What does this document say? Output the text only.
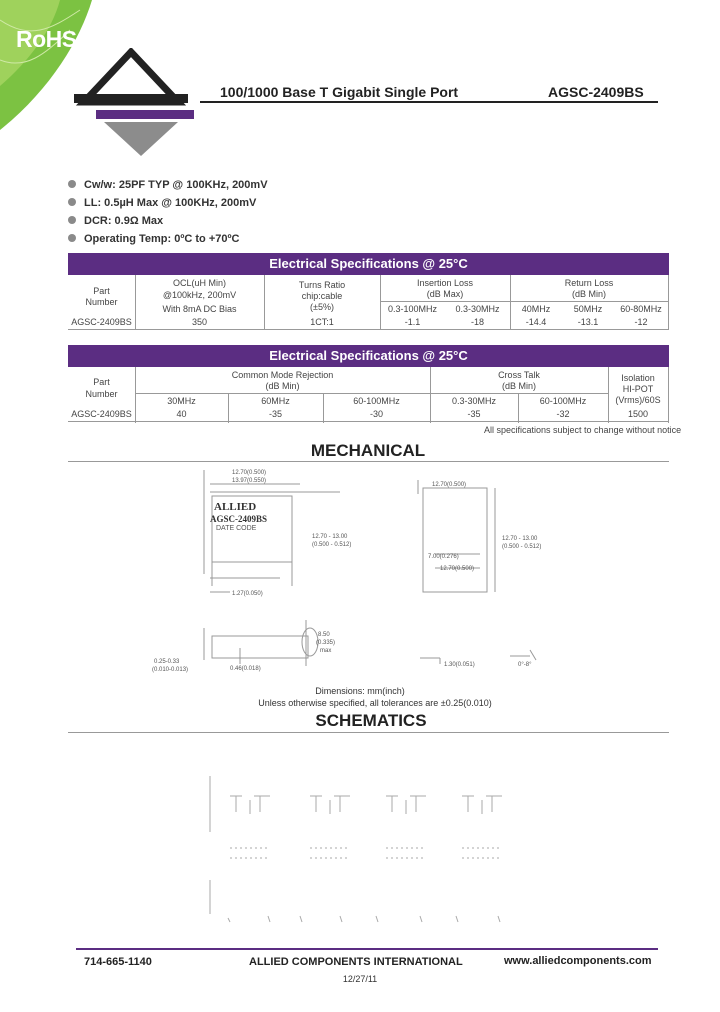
RoHS
100/1000 Base T Gigabit Single Port	AGSC-2409BS
Cw/w: 25PF TYP @ 100KHz, 200mV
LL: 0.5µH Max @ 100KHz, 200mV
DCR: 0.9Ω Max
Operating Temp: 0ºC to +70ºC
Electrical Specifications @ 25°C
Part
Number
OCL(uH Min)
@100kHz, 200mV
With 8mA DC Bias
Turns Ratio
chip:cable
(±5%)
Insertion Loss
(dB Max)
0.3-100MHz	0.3-30MHz
Return Loss
(dB Min)
40MHz	50MHz	60-80MHz
AGSC-2409BS	350	1CT:1	-1.1	-18	-14.4	-13.1	-12
Electrical Specifications @ 25°C
Part
Number
Common Mode Rejection
(dB Min)
30MHz	60MHz	60-100MHz
Cross Talk
(dB Min)
0.3-30MHz	60-100MHz
Isolation
HI-POT
(Vrms)/60S
AGSC-2409BS	40	-35	-30	-35	-32	1500
All specifications subject to change without notice
MECHANICAL
12.70(0.500)
13.97(0.550)
12.70(0.500)
12.70 - 13.00
(0.500 - 0.512)
12.70 - 13.00
(0.500 - 0.512)
7.00(0.276)
12.70(0.500)
1.27(0.050)
8.50
(0.335)
max
0.25-0.33
(0.010-0.013)	0.46(0.018)
1.30(0.051)	0°-8°
DATE CODE
ALLIED
AGSC-2409BS
Dimensions: mm(inch)
Unless otherwise specified, all tolerances are ±0.25(0.010)
SCHEMATICS
714-665-1140	ALLIED COMPONENTS INTERNATIONAL	www.alliedcomponents.com
12/27/11
